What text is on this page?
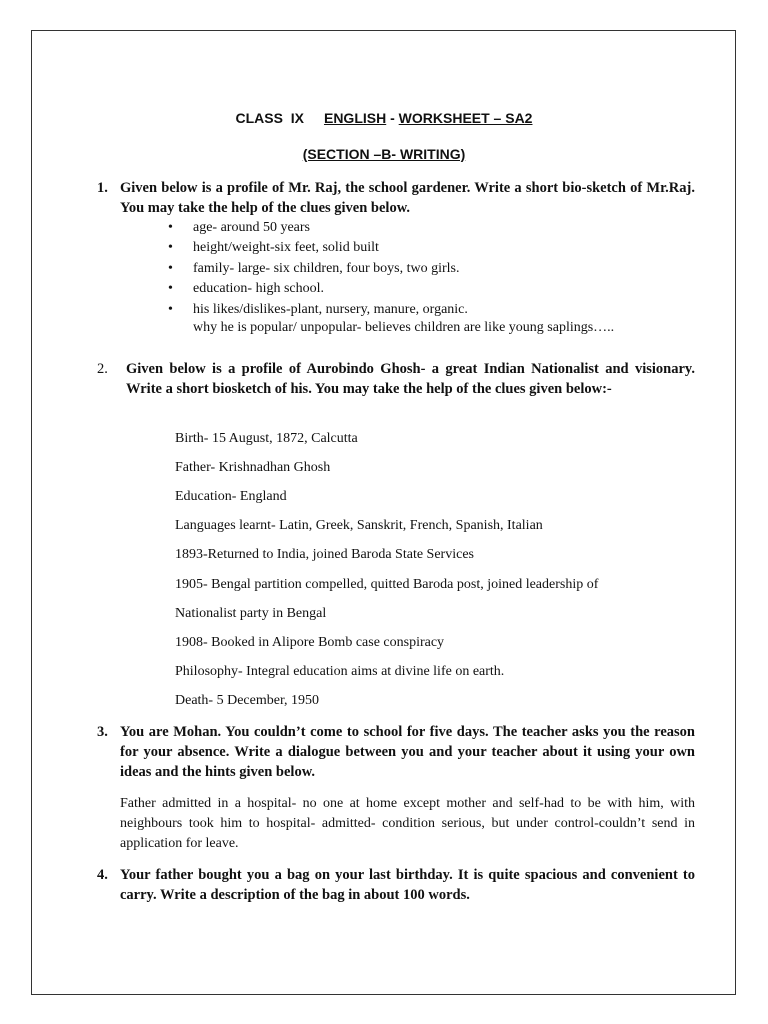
CLASS  IX ENGLISH - WORKSHEET – SA2
(SECTION –B- WRITING)
1. Given below is a profile of Mr. Raj, the school gardener. Write a short bio-sketch of Mr.Raj. You may take the help of the clues given below.
• age- around 50 years
• height/weight-six feet, solid built
• family- large- six children, four boys, two girls.
• education- high school.
• his likes/dislikes-plant, nursery, manure, organic.
why he is popular/ unpopular- believes children are like young saplings…..
2.	Given below is a profile of Aurobindo Ghosh- a great Indian Nationalist and visionary. Write a short biosketch of his. You may take the help of the clues given below:-
Birth- 15 August, 1872, Calcutta
Father- Krishnadhan Ghosh
Education- England
Languages learnt- Latin, Greek, Sanskrit, French, Spanish, Italian
1893-Returned to India, joined Baroda State Services
1905- Bengal partition compelled, quitted Baroda post, joined leadership of
Nationalist party in Bengal
1908- Booked in Alipore Bomb case conspiracy
Philosophy- Integral education aims at divine life on earth.
Death- 5 December, 1950
3. You are Mohan. You couldn’t come to school for five days. The teacher asks you the reason for your absence. Write a dialogue between you and your teacher about it using your own ideas and the hints given below.
Father admitted in a hospital- no one at home except mother and self-had to be with him, with neighbours took him to hospital- admitted- condition serious, but under control-couldn’t send in application for leave.
4. Your father bought you a bag on your last birthday. It is quite spacious and convenient to carry. Write a description of the bag in about 100 words.
